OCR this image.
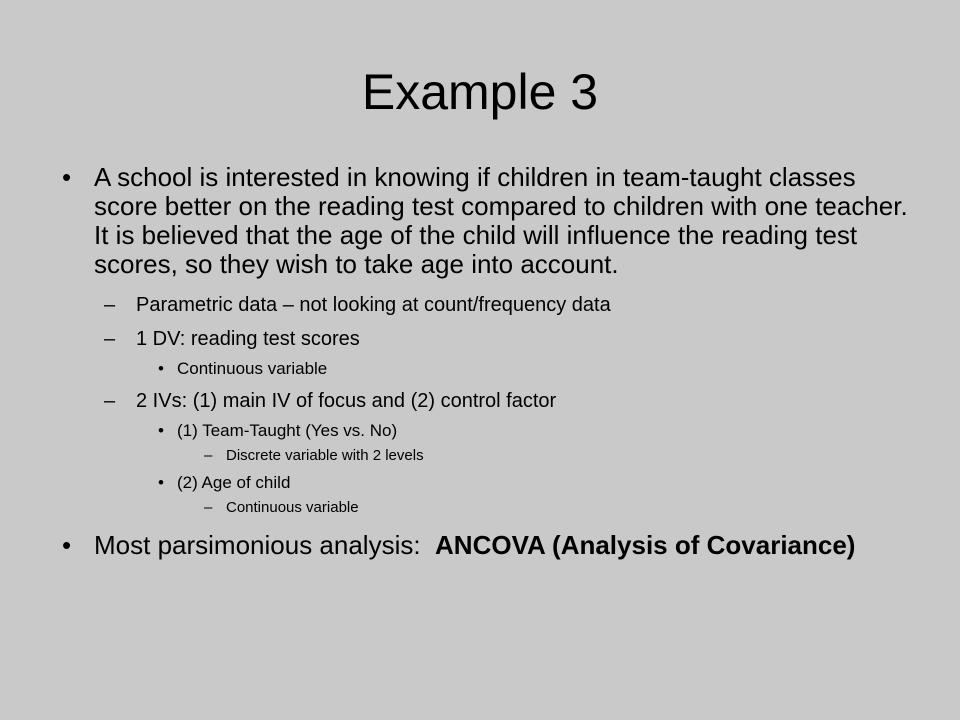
Example 3
• A school is interested in knowing if children in team-taught classes score better on the reading test compared to children with one teacher. It is believed that the age of the child will influence the reading test scores, so they wish to take age into account.
– Parametric data – not looking at count/frequency data
– 1 DV: reading test scores
• Continuous variable
– 2 IVs: (1) main IV of focus and (2) control factor
• (1) Team-Taught (Yes vs. No)
– Discrete variable with 2 levels
• (2) Age of child
– Continuous variable
• Most parsimonious analysis:  ANCOVA (Analysis of Covariance)
